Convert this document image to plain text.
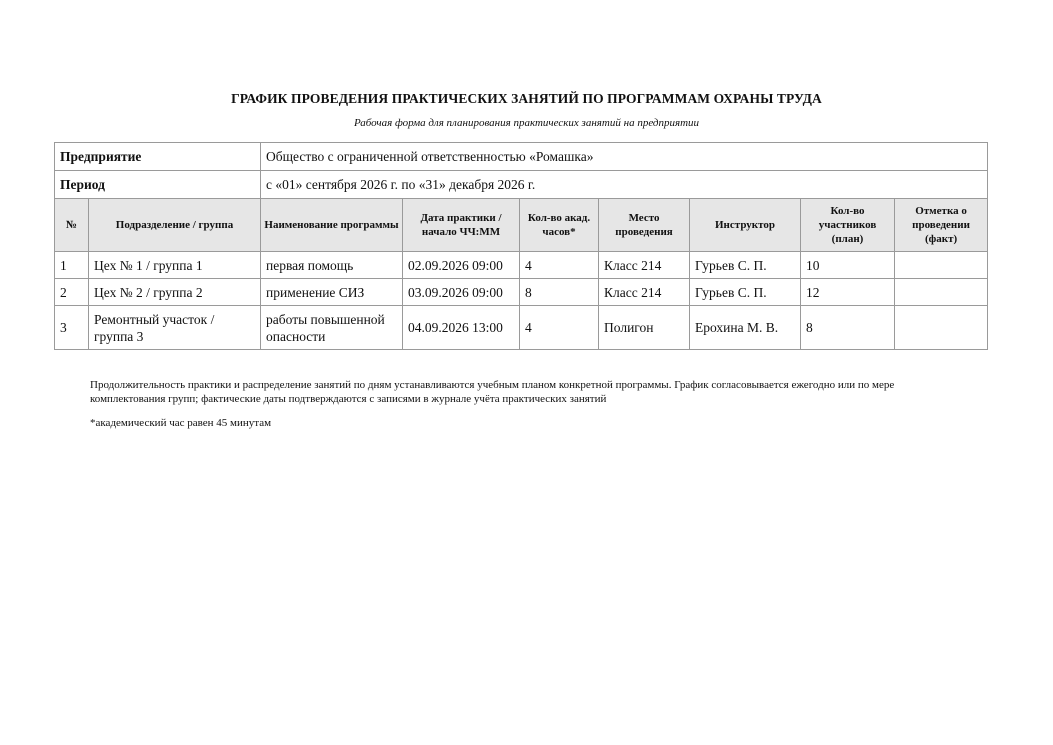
ГРАФИК ПРОВЕДЕНИЯ ПРАКТИЧЕСКИХ ЗАНЯТИЙ ПО ПРОГРАММАМ ОХРАНЫ ТРУДА
Рабочая форма для планирования практических занятий на предприятии
Предприятие		Общество с ограниченной ответственностью «Ромашка»						
Период		с «01» сентября 2026 г. по «31» декабря 2026 г.						
№	Подразделение / группа	Наименование программы	Дата практики / начало ЧЧ:ММ	Кол-во акад. часов*	Место проведения	Инструктор	Кол-во участников (план)	Отметка о проведении (факт)
1	Цех № 1 / группа 1	первая помощь	02.09.2026 09:00	4	Класс 214	Гурьев С. П.	10	
2	Цех № 2 / группа 2	применение СИЗ	03.09.2026 09:00	8	Класс 214	Гурьев С. П.	12	
3	Ремонтный участок / группа 3	работы повышенной опасности	04.09.2026 13:00	4	Полигон	Ерохина М. В.	8	
Продолжительность практики и распределение занятий по дням устанавливаются учебным планом конкретной программы. График согласовывается ежегодно или по мере комплектования групп; фактические даты подтверждаются с записями в журнале учёта практических занятий
*академический час равен 45 минутам
